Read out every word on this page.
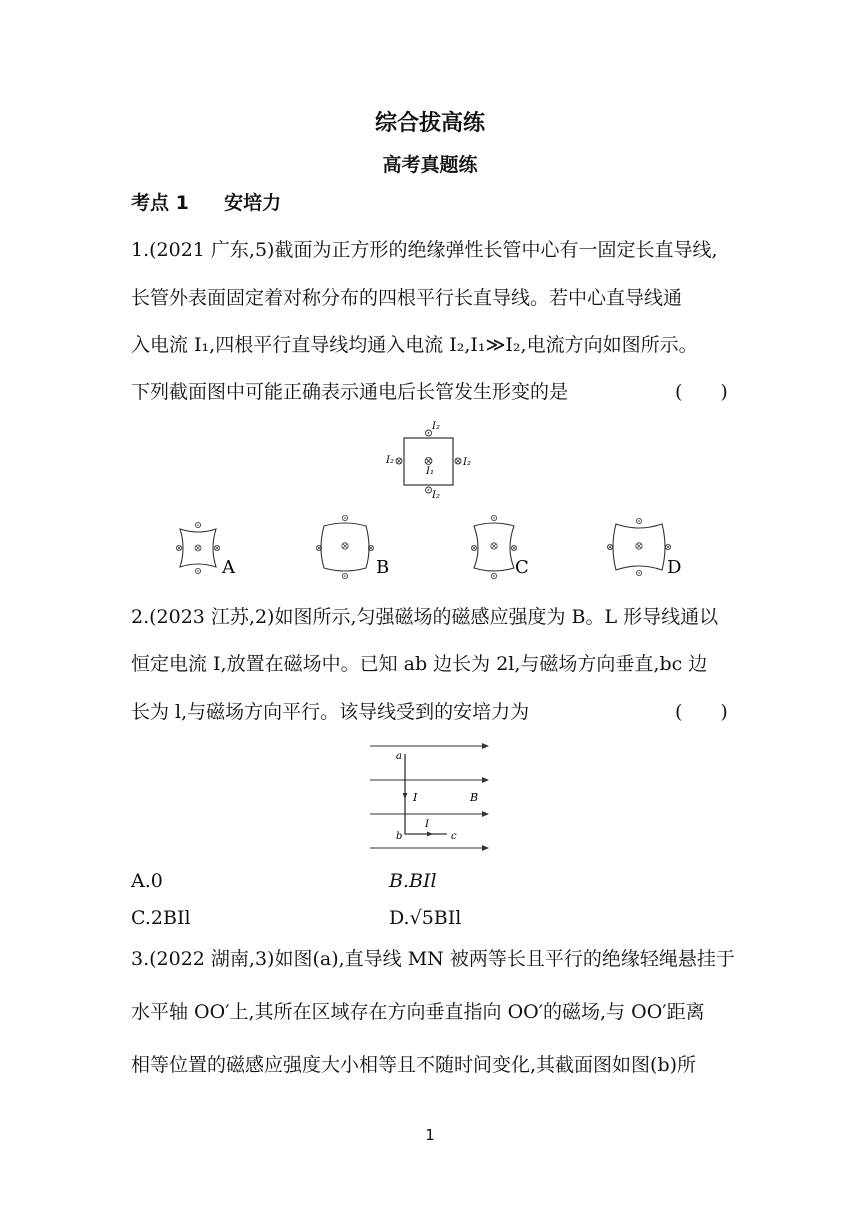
综合拔高练
高考真题练
考点 1 安培力
1.(2021 广东,5)截面为正方形的绝缘弹性长管中心有一固定长直导线,
长管外表面固定着对称分布的四根平行长直导线。若中心直导线通
入电流 I₁,四根平行直导线均通入电流 I₂,I₁≫I₂,电流方向如图所示。
下列截面图中可能正确表示通电后长管发生形变的是	(　　)
I₂
I₂	I₂
I₂
I₁
A	B	C	D
2.(2023 江苏,2)如图所示,匀强磁场的磁感应强度为 B。L 形导线通以
恒定电流 I,放置在磁场中。已知 ab 边长为 2l,与磁场方向垂直,bc 边
长为 l,与磁场方向平行。该导线受到的安培力为	(　　)
a
b	c
I
I
B
A.0	B.BIl
C.2BIl	D.√5BIl
3.(2022 湖南,3)如图(a),直导线 MN 被两等长且平行的绝缘轻绳悬挂于
水平轴 OO′上,其所在区域存在方向垂直指向 OO′的磁场,与 OO′距离
相等位置的磁感应强度大小相等且不随时间变化,其截面图如图(b)所
1
